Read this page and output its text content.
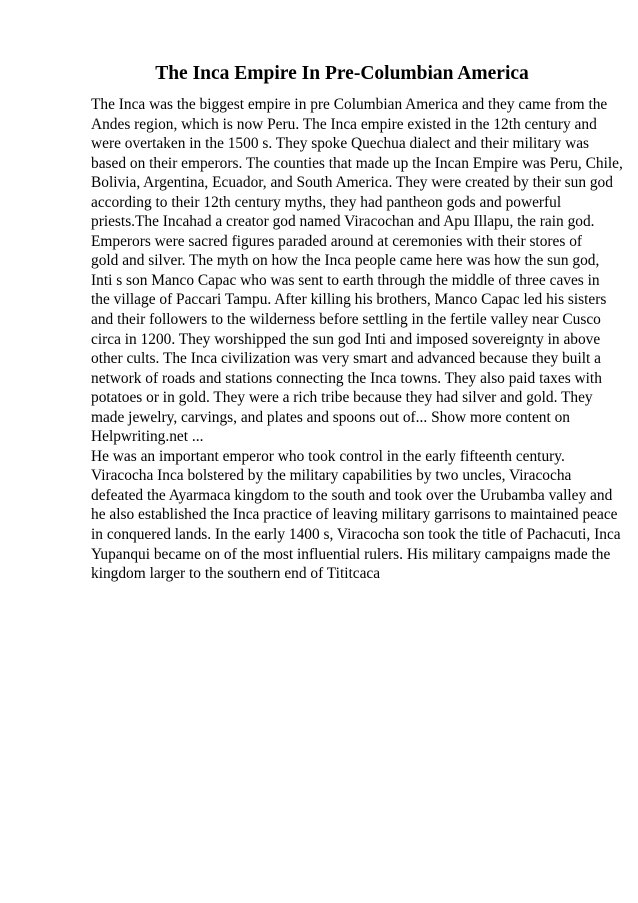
The Inca Empire In Pre-Columbian America
The Inca was the biggest empire in pre Columbian America and they came from the
Andes region, which is now Peru. The Inca empire existed in the 12th century and
were overtaken in the 1500 s. They spoke Quechua dialect and their military was
based on their emperors. The counties that made up the Incan Empire was Peru, Chile,
Bolivia, Argentina, Ecuador, and South America. They were created by their sun god
according to their 12th century myths, they had pantheon gods and powerful
priests.The Incahad a creator god named Viracochan and Apu Illapu, the rain god.
Emperors were sacred figures paraded around at ceremonies with their stores of
gold and silver. The myth on how the Inca people came here was how the sun god,
Inti s son Manco Capac who was sent to earth through the middle of three caves in
the village of Paccari Tampu. After killing his brothers, Manco Capac led his sisters
and their followers to the wilderness before settling in the fertile valley near Cusco
circa in 1200. They worshipped the sun god Inti and imposed sovereignty in above
other cults. The Inca civilization was very smart and advanced because they built a
network of roads and stations connecting the Inca towns. They also paid taxes with
potatoes or in gold. They were a rich tribe because they had silver and gold. They
made jewelry, carvings, and plates and spoons out of... Show more content on
Helpwriting.net ...
He was an important emperor who took control in the early fifteenth century.
Viracocha Inca bolstered by the military capabilities by two uncles, Viracocha
defeated the Ayarmaca kingdom to the south and took over the Urubamba valley and
he also established the Inca practice of leaving military garrisons to maintained peace
in conquered lands. In the early 1400 s, Viracocha son took the title of Pachacuti, Inca
Yupanqui became on of the most influential rulers. His military campaigns made the
kingdom larger to the southern end of Tititcaca
